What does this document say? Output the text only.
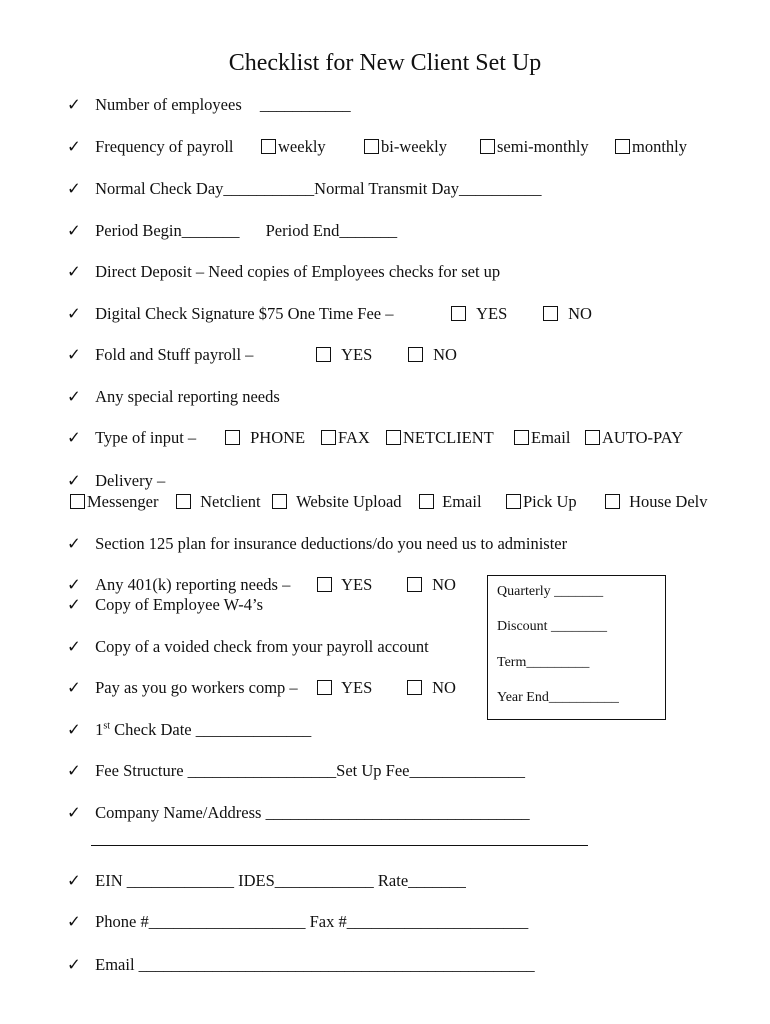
Checklist for New Client Set Up
✓ Number of employees ___________
✓ Frequency of payroll	weekly	bi-weekly	semi-monthly	monthly
✓ Normal Check Day___________Normal Transmit Day__________
✓ Period Begin_______ Period End_______
✓ Direct Deposit – Need copies of Employees checks for set up
✓ Digital Check Signature $75 One Time Fee –	YES	NO
✓ Fold and Stuff payroll –	YES	NO
✓ Any special reporting needs
✓ Type of input –	PHONE	FAX	NETCLIENT	Email	AUTO-PAY
✓ Delivery –
Messenger	Netclient	Website Upload	Email	Pick Up	House Delv
✓ Section 125 plan for insurance deductions/do you need us to administer
✓ Any 401(k) reporting needs –	YES	NO
✓ Copy of Employee W-4’s
✓ Copy of a voided check from your payroll account
✓ Pay as you go workers comp –	YES	NO
Quarterly _______
Discount ________
Term_________
Year End__________
✓ 1st Check Date ______________
✓ Fee Structure __________________Set Up Fee______________
✓ Company Name/Address ________________________________
✓ EIN _____________ IDES____________ Rate_______
✓ Phone #___________________ Fax #______________________
✓ Email ________________________________________________
